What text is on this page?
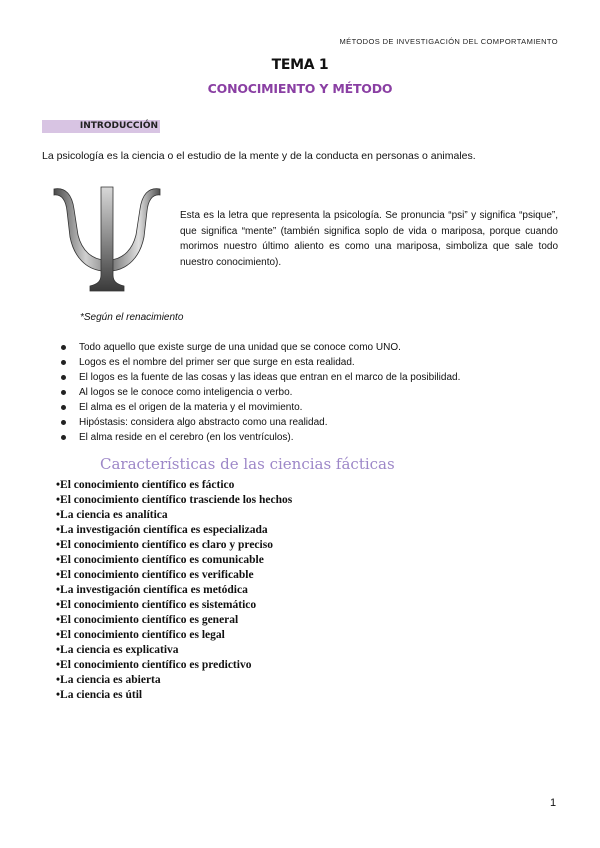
MÉTODOS DE INVESTIGACIÓN DEL COMPORTAMIENTO
TEMA 1
CONOCIMIENTO Y MÉTODO
INTRODUCCIÓN
La psicología es la ciencia o el estudio de la mente y de la conducta en personas o animales.
Esta es la letra que representa la psicología. Se pronuncia “psi” y significa “psique”, que significa “mente” (también significa soplo de vida o mariposa, porque cuando morimos nuestro último aliento es como una mariposa, simboliza que sale todo nuestro conocimiento).
*Según el renacimiento
Todo aquello que existe surge de una unidad que se conoce como UNO.
Logos es el nombre del primer ser que surge en esta realidad.
El logos es la fuente de las cosas y las ideas que entran en el marco de la posibilidad.
Al logos se le conoce como inteligencia o verbo.
El alma es el origen de la materia y el movimiento.
Hipóstasis: considera algo abstracto como una realidad.
El alma reside en el cerebro (en los ventrículos).
Características de las ciencias fácticas
•El conocimiento científico es fáctico
•El conocimiento científico trasciende los hechos
•La ciencia es analítica
•La investigación científica es especializada
•El conocimiento científico es claro y preciso
•El conocimiento científico es comunicable
•El conocimiento científico es verificable
•La investigación científica es metódica
•El conocimiento científico es sistemático
•El conocimiento científico es general
•El conocimiento científico es legal
•La ciencia es explicativa
•El conocimiento científico es predictivo
•La ciencia es abierta
•La ciencia es útil
1
